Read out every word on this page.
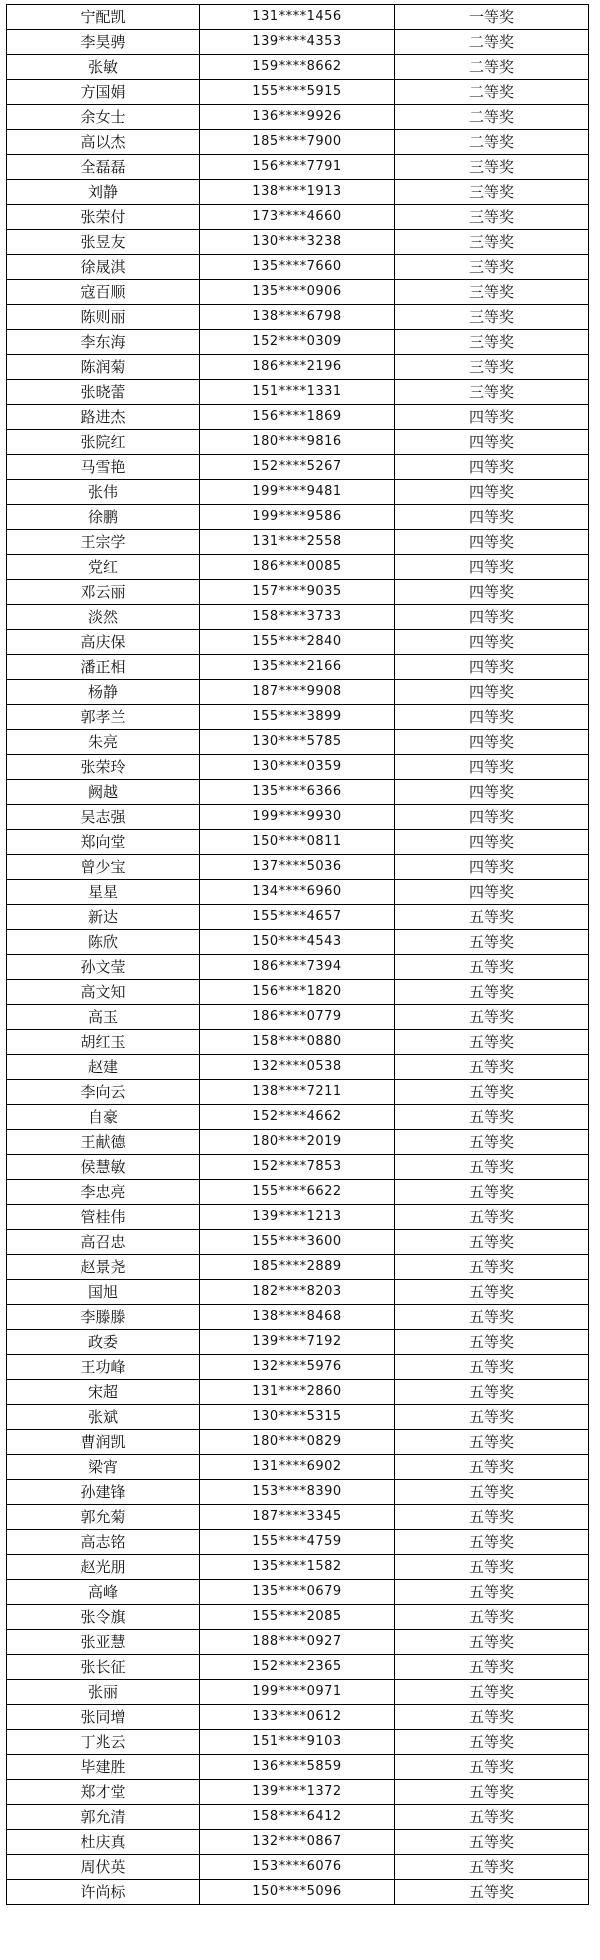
宁配凯	131****1456	一等奖
李昊骋	139****4353	二等奖
张敏	159****8662	二等奖
方国娟	155****5915	二等奖
余女士	136****9926	二等奖
高以杰	185****7900	二等奖
全磊磊	156****7791	三等奖
刘静	138****1913	三等奖
张荣付	173****4660	三等奖
张昱友	130****3238	三等奖
徐晟淇	135****7660	三等奖
寇百顺	135****0906	三等奖
陈则丽	138****6798	三等奖
李东海	152****0309	三等奖
陈润菊	186****2196	三等奖
张晓蕾	151****1331	三等奖
路进杰	156****1869	四等奖
张院红	180****9816	四等奖
马雪艳	152****5267	四等奖
张伟	199****9481	四等奖
徐鹏	199****9586	四等奖
王宗学	131****2558	四等奖
党红	186****0085	四等奖
邓云丽	157****9035	四等奖
淡然	158****3733	四等奖
高庆保	155****2840	四等奖
潘正相	135****2166	四等奖
杨静	187****9908	四等奖
郭孝兰	155****3899	四等奖
朱亮	130****5785	四等奖
张荣玲	130****0359	四等奖
阙越	135****6366	四等奖
吴志强	199****9930	四等奖
郑向堂	150****0811	四等奖
曾少宝	137****5036	四等奖
星星	134****6960	四等奖
新达	155****4657	五等奖
陈欣	150****4543	五等奖
孙文莹	186****7394	五等奖
高文知	156****1820	五等奖
高玉	186****0779	五等奖
胡红玉	158****0880	五等奖
赵建	132****0538	五等奖
李向云	138****7211	五等奖
自豪	152****4662	五等奖
王献德	180****2019	五等奖
侯慧敏	152****7853	五等奖
李忠亮	155****6622	五等奖
管桂伟	139****1213	五等奖
高召忠	155****3600	五等奖
赵景尧	185****2889	五等奖
国旭	182****8203	五等奖
李滕滕	138****8468	五等奖
政委	139****7192	五等奖
王功峰	132****5976	五等奖
宋超	131****2860	五等奖
张斌	130****5315	五等奖
曹润凯	180****0829	五等奖
梁宵	131****6902	五等奖
孙建锋	153****8390	五等奖
郭允菊	187****3345	五等奖
高志铭	155****4759	五等奖
赵光朋	135****1582	五等奖
高峰	135****0679	五等奖
张令旗	155****2085	五等奖
张亚慧	188****0927	五等奖
张长征	152****2365	五等奖
张丽	199****0971	五等奖
张同增	133****0612	五等奖
丁兆云	151****9103	五等奖
毕建胜	136****5859	五等奖
郑才堂	139****1372	五等奖
郭允清	158****6412	五等奖
杜庆真	132****0867	五等奖
周伏英	153****6076	五等奖
许尚标	150****5096	五等奖
